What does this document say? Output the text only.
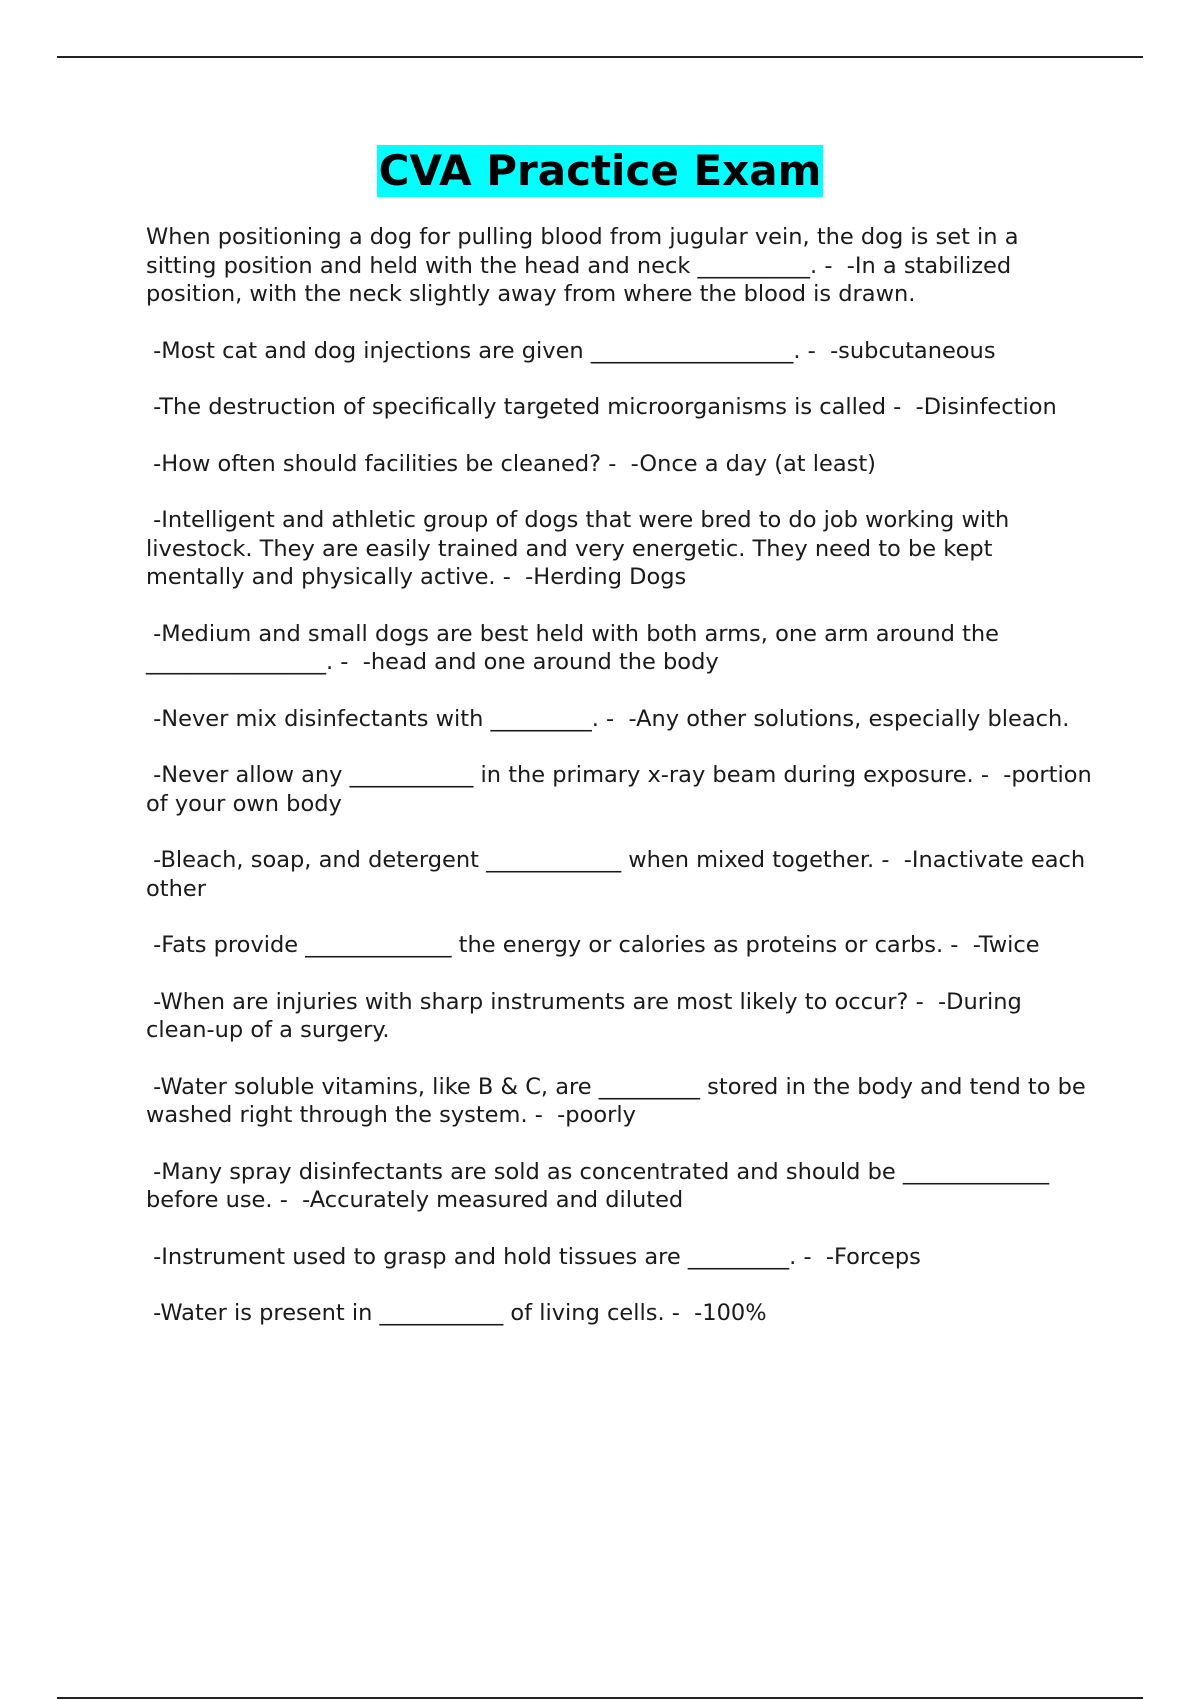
CVA Practice Exam

When positioning a dog for pulling blood from jugular vein, the dog is set in a sitting position and held with the head and neck __________. -  -In a stabilized position, with the neck slightly away from where the blood is drawn.

-Most cat and dog injections are given __________________. -  -subcutaneous

-The destruction of specifically targeted microorganisms is called -  -Disinfection

-How often should facilities be cleaned? -  -Once a day (at least)

-Intelligent and athletic group of dogs that were bred to do job working with livestock. They are easily trained and very energetic. They need to be kept mentally and physically active. -  -Herding Dogs

-Medium and small dogs are best held with both arms, one arm around the ________________. -  -head and one around the body

-Never mix disinfectants with _________. -  -Any other solutions, especially bleach.

-Never allow any ___________ in the primary x-ray beam during exposure. -  -portion of your own body

-Bleach, soap, and detergent ____________ when mixed together. -  -Inactivate each other

-Fats provide _____________ the energy or calories as proteins or carbs. -  -Twice

-When are injuries with sharp instruments are most likely to occur? -  -During clean-up of a surgery.

-Water soluble vitamins, like B & C, are _________ stored in the body and tend to be washed right through the system. -  -poorly

-Many spray disinfectants are sold as concentrated and should be _____________ before use. -  -Accurately measured and diluted

-Instrument used to grasp and hold tissues are _________. -  -Forceps

-Water is present in ___________ of living cells. -  -100%
